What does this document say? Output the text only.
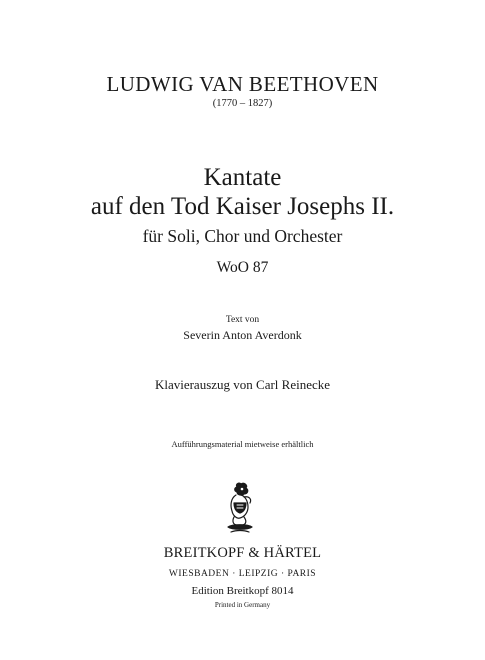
LUDWIG VAN BEETHOVEN
(1770 – 1827)
Kantate
auf den Tod Kaiser Josephs II.
für Soli, Chor und Orchester
WoO 87
Text von
Severin Anton Averdonk
Klavierauszug von Carl Reinecke
Aufführungsmaterial mietweise erhältlich
BREITKOPF & HÄRTEL
WIESBADEN · LEIPZIG · PARIS
Edition Breitkopf 8014
Printed in Germany
